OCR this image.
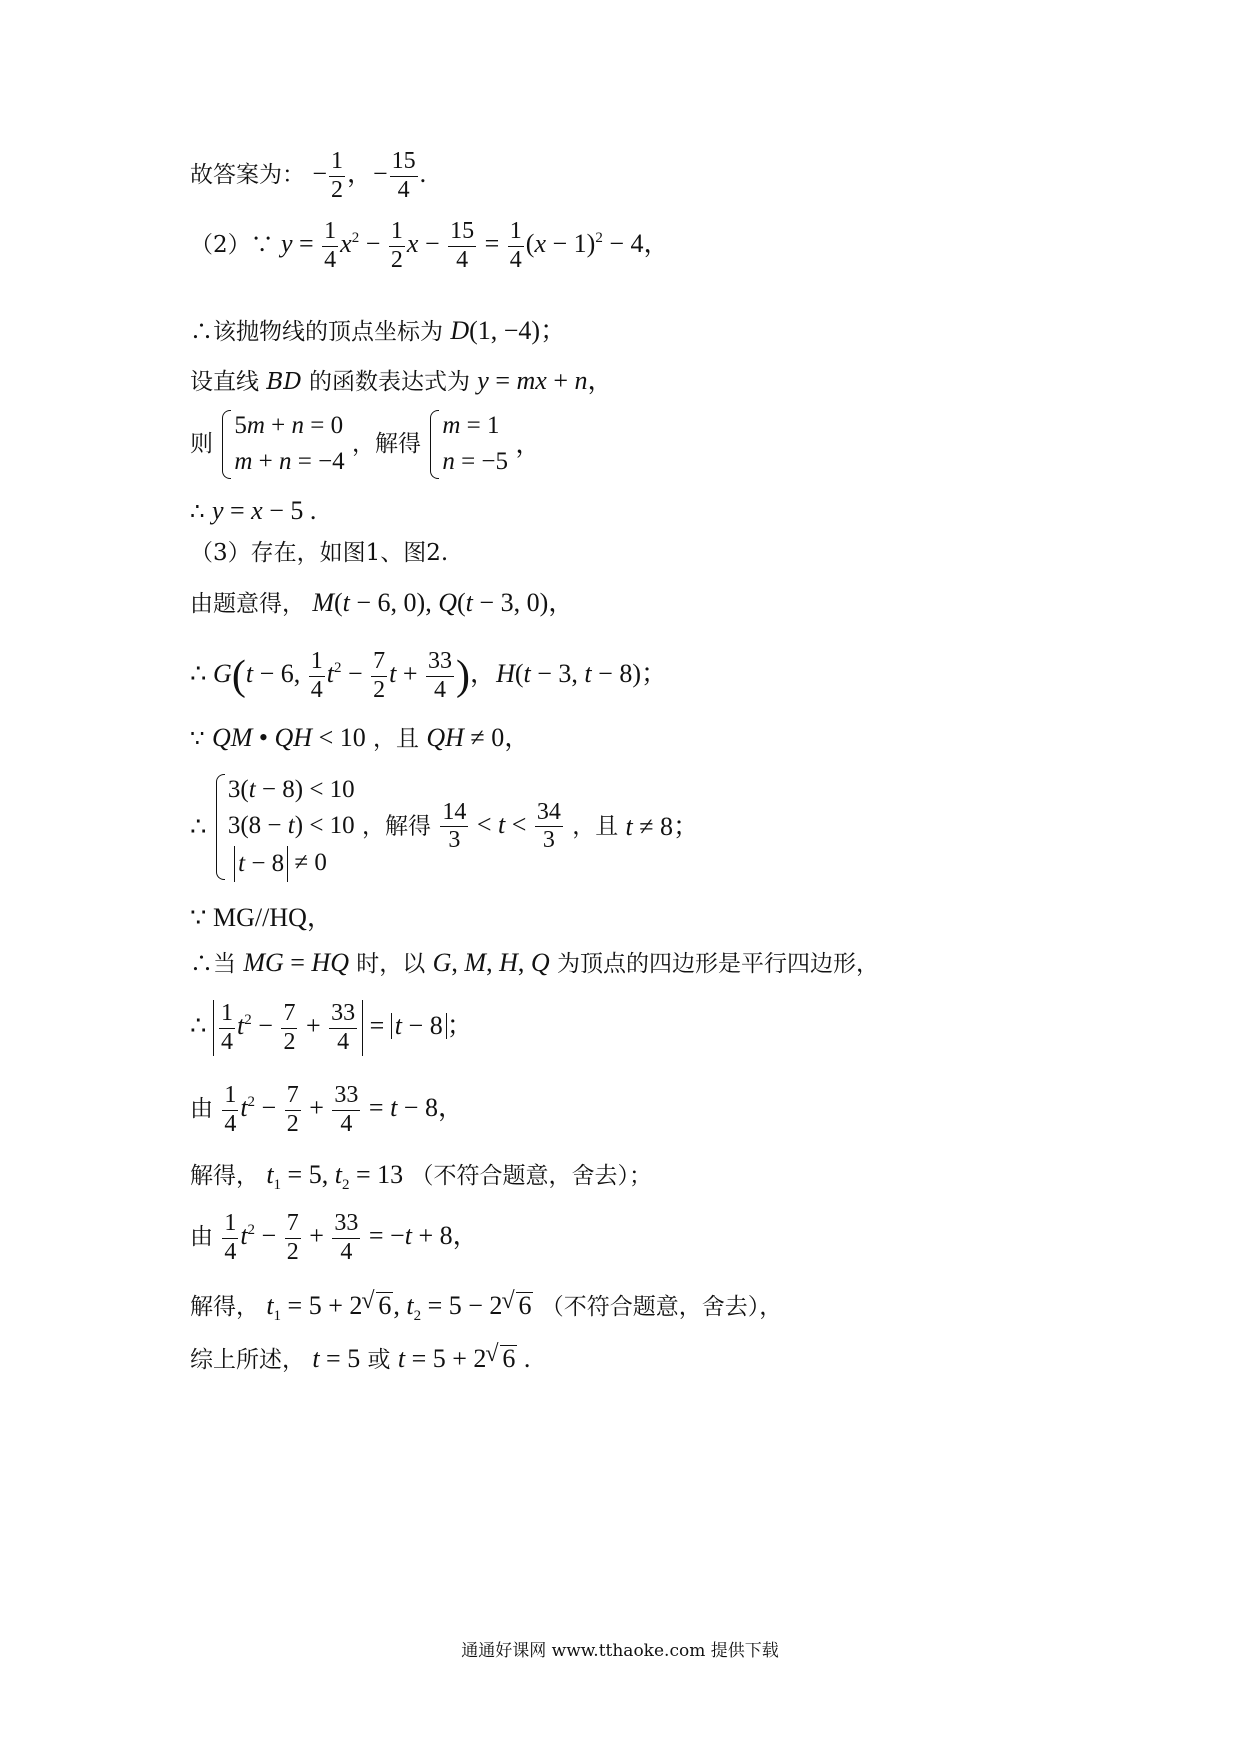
故答案为： − $\frac{1}{2}$ ，− $\frac{15}{4}$ .
（2）∵ $y = \frac{1}{4} x^2 - \frac{1}{2}$ $x - \frac{15}{4} = \frac{1}{4} (x - 1)^2 - 4$，
∴该抛物线的顶点坐标为 D(1, −4)；
设直线 BD 的函数表达式为 y = mx + n，
则
5m + n = 0
m + n = −4
，解得
m = 1
n = −5
，
∴ y = x − 5 .
（3）存在，如图1、图2.
由题意得， M(t − 6, 0), Q(t − 3, 0)，
∴ G(t − 6, $\frac{1}{4} t^2 - \frac{7}{2}$ $t + \frac{33}{4}$ )，H(t − 3, t − 8)；
∵ QM • QH < 10 ，且 QH ≠ 0，
∴
3(t − 8) < 10
3(8 − t) < 10
t − 8 ≠ 0
，解得 $\frac{14}{3} < t < \frac{34}{3}$ ，且 t ≠ 8；
∵ MG//HQ，
∴当 MG = HQ 时，以 G, M, H, Q 为顶点的四边形是平行四边形，
∴ $\frac{1}{4} t^2 - \frac{7}{2} + \frac{33}{4} = t - 8$ ；
由 $\frac{1}{4} t^2 - \frac{7}{2} + \frac{33}{4} = t - 8$，
解得， $t_1 = 5$, $t_2 = 13$ （不符合题意，舍去）；
由 $\frac{1}{4} t^2 - \frac{7}{2} + \frac{33}{4} = -t + 8$，
解得， $t_1 = 5 + 2√$ 6, $t_2 = 5 - 2√$ 6 （不符合题意，舍去），
综上所述， t = 5 或 t = 5 + 2√ 6 .
通通好课网 www.tthaoke.com 提供下载
